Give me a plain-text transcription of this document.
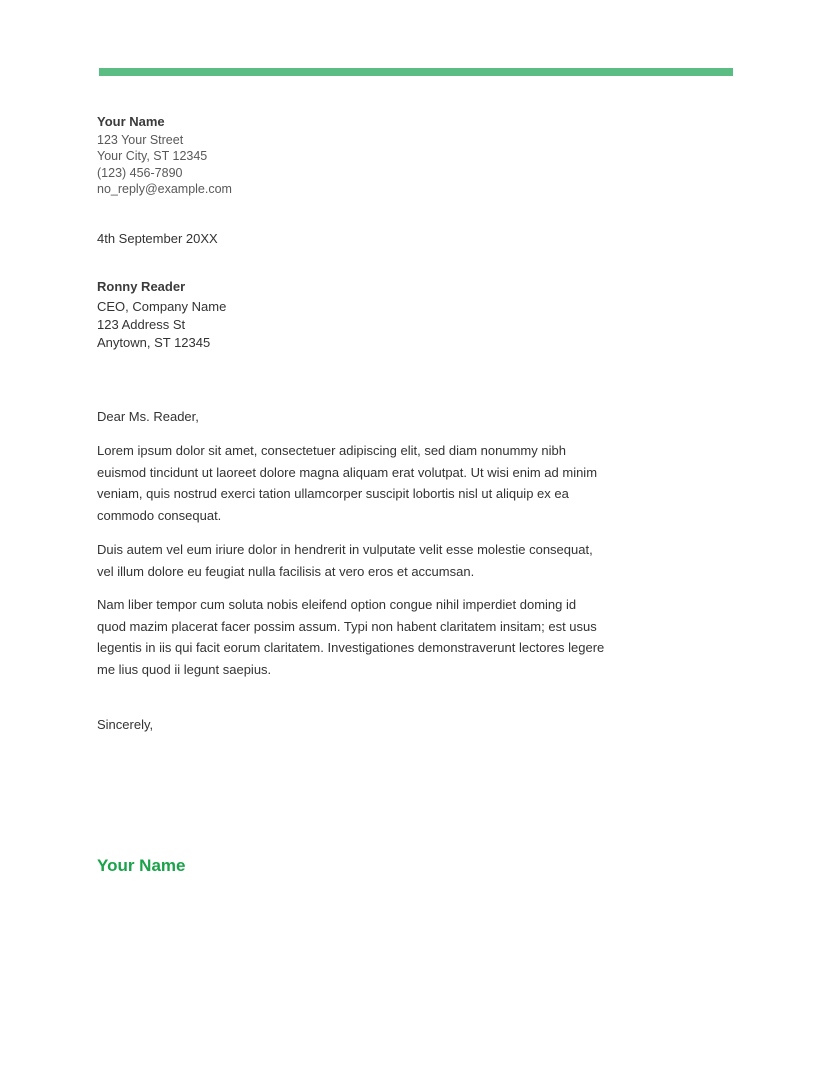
Your Name
123 Your Street
Your City, ST 12345
(123) 456-7890
no_reply@example.com
4th September 20XX
Ronny Reader
CEO, Company Name
123 Address St
Anytown, ST 12345
Dear Ms. Reader,

Lorem ipsum dolor sit amet, consectetuer adipiscing elit, sed diam nonummy nibh euismod tincidunt ut laoreet dolore magna aliquam erat volutpat. Ut wisi enim ad minim veniam, quis nostrud exerci tation ullamcorper suscipit lobortis nisl ut aliquip ex ea commodo consequat.

Duis autem vel eum iriure dolor in hendrerit in vulputate velit esse molestie consequat, vel illum dolore eu feugiat nulla facilisis at vero eros et accumsan.

Nam liber tempor cum soluta nobis eleifend option congue nihil imperdiet doming id quod mazim placerat facer possim assum. Typi non habent claritatem insitam; est usus legentis in iis qui facit eorum claritatem. Investigationes demonstraverunt lectores legere me lius quod ii legunt saepius.

Sincerely,
Your Name
